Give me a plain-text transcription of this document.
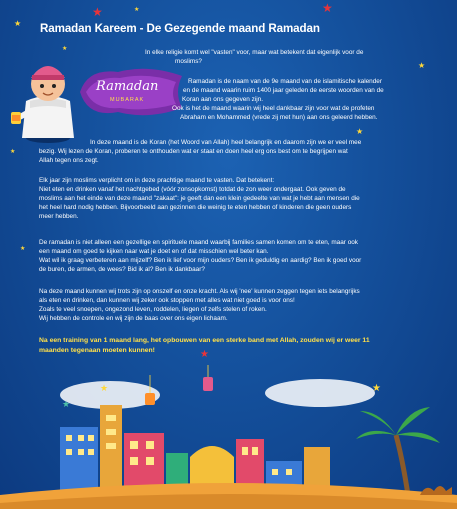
★	★
★
★
★
★
★
★
★
Ramadan Kareem - De Gezegende maand Ramadan
Ramadan
MUBARAK
In elke religie komt wel "vasten" voor, maar wat betekent dat eigenlijk voor de
moslims?
Ramadan is de naam van de 9e maand van de islamitische kalender
en de maand waarin ruim 1400 jaar geleden de eerste woorden van de
Koran aan ons gegeven zijn.
Ook is het de maand waarin wij heel dankbaar zijn voor wat de profeten
Abraham en Mohammed (vrede zij met hun) aan ons geleerd hebben.
In deze maand is de Koran (het Woord van Allah) heel belangrijk en daarom zijn we er veel mee
bezig. Wij lezen de Koran, proberen te onthouden wat er staat en doen heel erg ons best om te begrijpen wat
Allah tegen ons zegt.
Elk jaar zijn moslims verplicht om in deze prachtige maand te vasten. Dat betekent:
Niet eten en drinken vanaf het nachtgebed (vóór zonsopkomst) totdat de zon weer ondergaat. Ook geven de
moslims aan het einde van deze maand "zakaat": je geeft dan een klein gedeelte van wat je hebt aan mensen die
het heel hard nodig hebben. Bijvoorbeeld aan gezinnen die weinig te eten hebben of kinderen die geen ouders
meer hebben.
De ramadan is niet alleen een gezellige en spirituele maand waarbij families samen komen om te eten, maar ook
een maand om goed te kijken naar wat je doet en of dat misschien wel beter kan.
Wat wil ik graag verbeteren aan mijzelf? Ben ik lief voor mijn ouders? Ben ik geduldig en aardig? Ben ik goed voor
de buren, de armen, de wees? Bid ik al? Ben ik dankbaar?
Na deze maand kunnen wij trots zijn op onszelf en onze kracht. Als wij 'nee' kunnen zeggen tegen iets belangrijks
als eten en drinken, dan kunnen wij zeker ook stoppen met alles wat niet goed is voor ons!
Zoals te veel snoepen, ongezond leven, roddelen, liegen of zelfs stelen of roken.
Wij hebben de controle en wij zijn de baas over ons eigen lichaam.
Na een training van 1 maand lang, het opbouwen van een sterke band met Allah, zouden wij er weer 11
maanden tegenaan moeten kunnen!	★
★
★
★
